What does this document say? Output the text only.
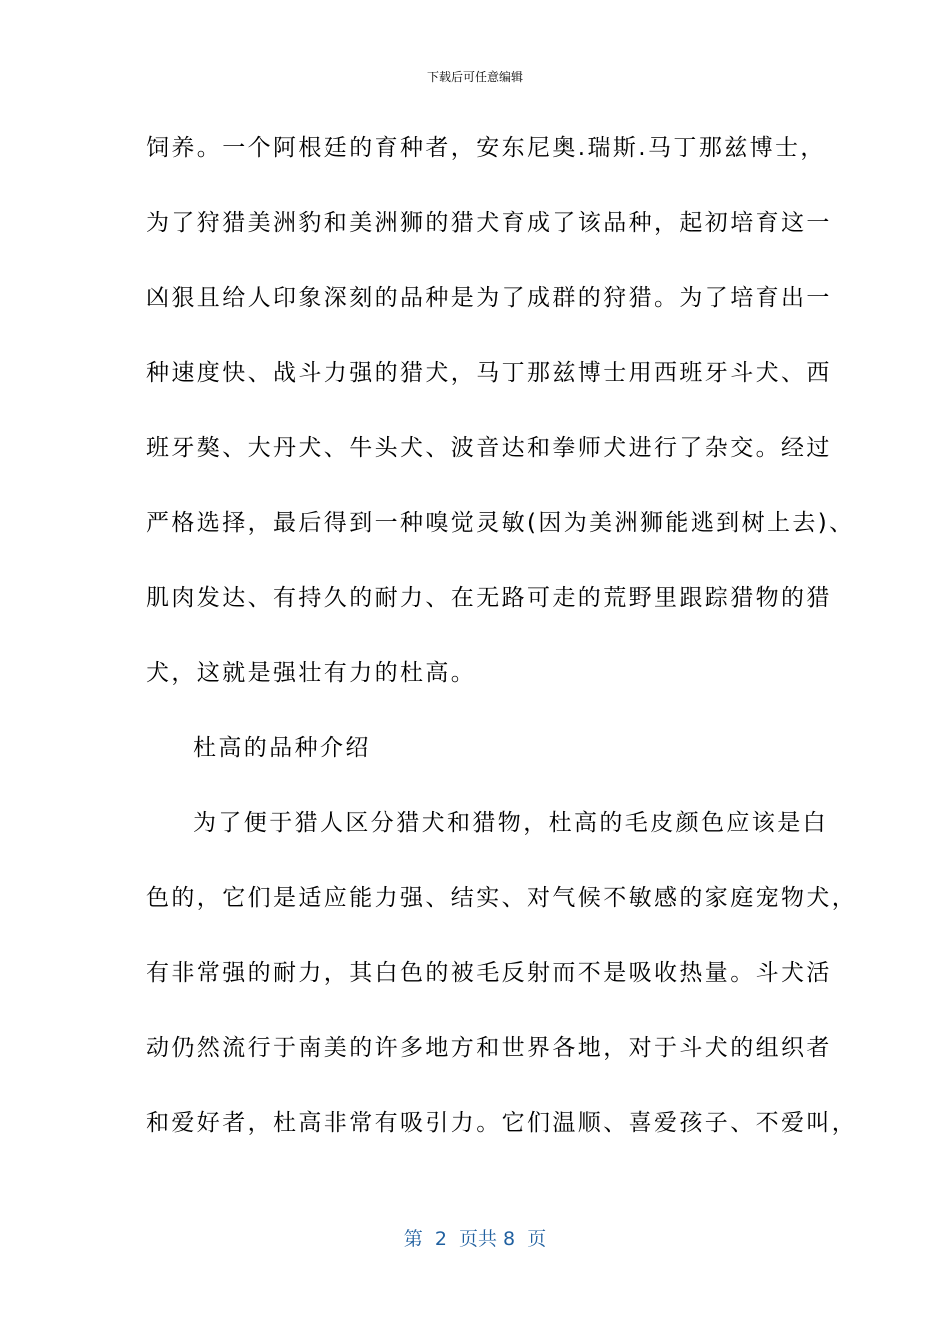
下载后可任意编辑
饲养。一个阿根廷的育种者，安东尼奥.瑞斯.马丁那兹博士，
为了狩猎美洲豹和美洲狮的猎犬育成了该品种，起初培育这一
凶狠且给人印象深刻的品种是为了成群的狩猎。为了培育出一
种速度快、战斗力强的猎犬，马丁那兹博士用西班牙斗犬、西
班牙獒、大丹犬、牛头犬、波音达和拳师犬进行了杂交。经过
严格选择，最后得到一种嗅觉灵敏(因为美洲狮能逃到树上去)、
肌肉发达、有持久的耐力、在无路可走的荒野里跟踪猎物的猎
犬，这就是强壮有力的杜高。
杜高的品种介绍
为了便于猎人区分猎犬和猎物，杜高的毛皮颜色应该是白
色的，它们是适应能力强、结实、对气候不敏感的家庭宠物犬，
有非常强的耐力，其白色的被毛反射而不是吸收热量。斗犬活
动仍然流行于南美的许多地方和世界各地，对于斗犬的组织者
和爱好者，杜高非常有吸引力。它们温顺、喜爱孩子、不爱叫，
第  2  页共 8  页
